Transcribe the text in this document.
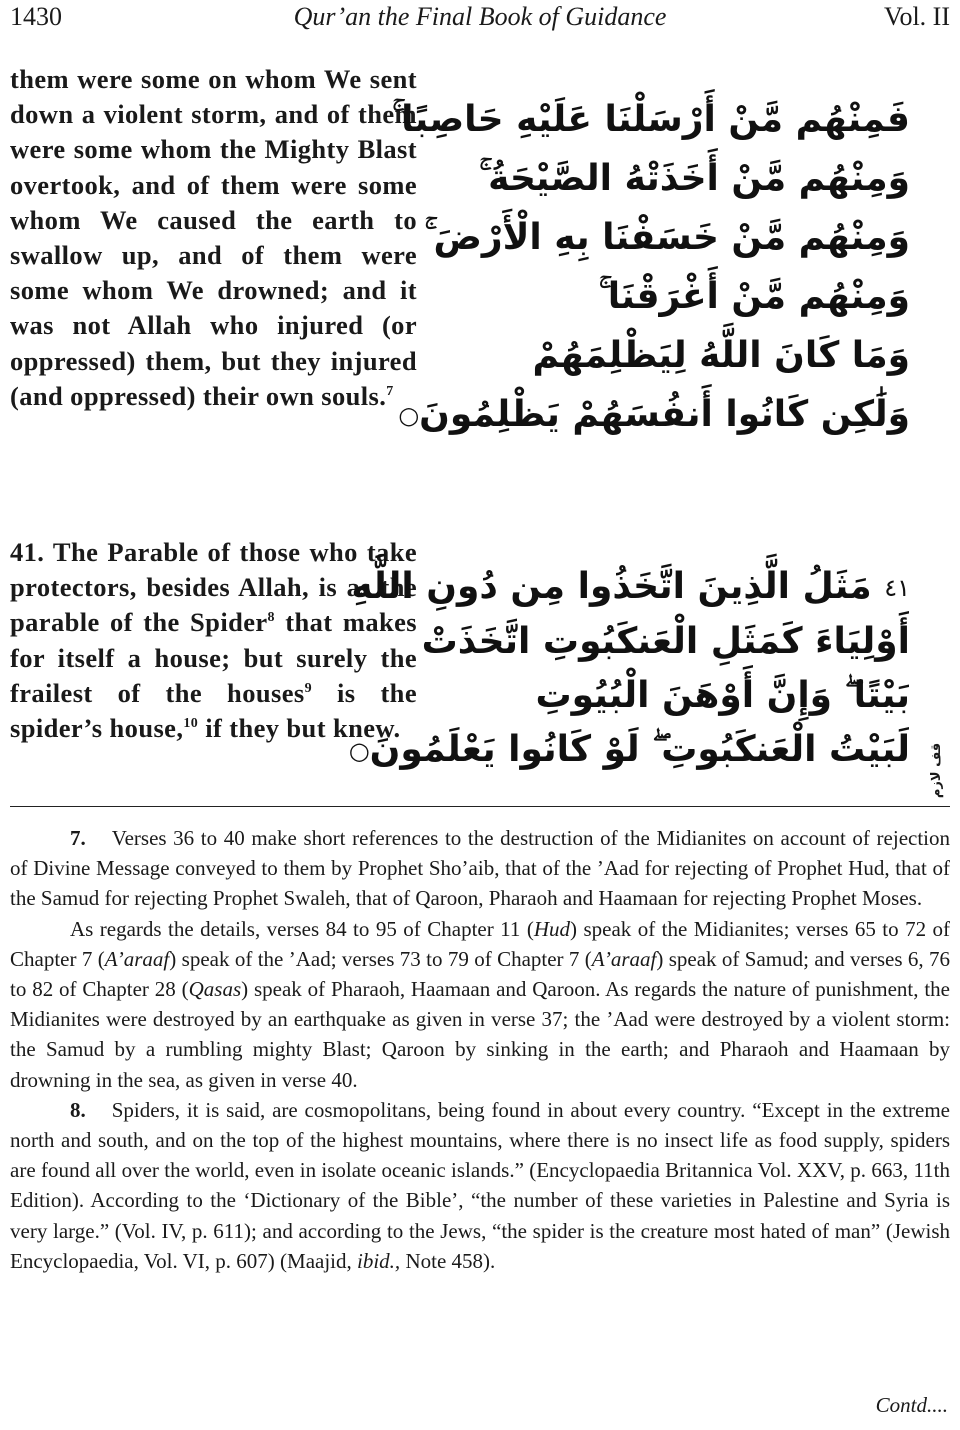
1430	Qur’an the Final Book of Guidance	Vol. II
them were some on whom We sent down a violent storm, and of them were some whom the Mighty Blast overtook, and of them were some whom We caused the earth to swallow up, and of them were some whom We drowned; and it was not Allah who injured (or oppressed) them, but they injured (and oppressed) their own souls.$^7$
فَمِنْهُم مَّنْ أَرْسَلْنَا عَلَيْهِ حَاصِبًا ۚ
وَمِنْهُم مَّنْ أَخَذَتْهُ الصَّيْحَةُ ۚ
وَمِنْهُم مَّنْ خَسَفْنَا بِهِ الْأَرْضَ ۚ
وَمِنْهُم مَّنْ أَغْرَقْنَا ۚ
وَمَا كَانَ اللَّهُ لِيَظْلِمَهُمْ
وَلَٰكِن كَانُوا أَنفُسَهُمْ يَظْلِمُونَ○
41. The Parable of those who take protectors, besides Allah, is as the parable of the Spider$^8$ that makes for itself a house; but surely the frailest of the houses$^9$ is the spider’s house,$^{10}$ if they but knew.
٤١ مَثَلُ الَّذِينَ اتَّخَذُوا مِن دُونِ اللَّهِ
أَوْلِيَاءَ كَمَثَلِ الْعَنكَبُوتِ اتَّخَذَتْ
بَيْتًا ۖ وَإِنَّ أَوْهَنَ الْبُيُوتِ
لَبَيْتُ الْعَنكَبُوتِ ۖ لَوْ كَانُوا يَعْلَمُونَ○	قف لازم

7. Verses 36 to 40 make short references to the destruction of the Midianites on account of rejection of Divine Message conveyed to them by Prophet Sho’aib, that of the ’Aad for rejecting of Prophet Hud, that of the Samud for rejecting Prophet Swaleh, that of Qaroon, Pharaoh and Haamaan for rejecting Prophet Moses.

As regards the details, verses 84 to 95 of Chapter 11 (Hud) speak of the Midianites; verses 65 to 72 of Chapter 7 (A’araaf) speak of the ’Aad; verses 73 to 79 of Chapter 7 (A’araaf) speak of Samud; and verses 6, 76 to 82 of Chapter 28 (Qasas) speak of Pharaoh, Haamaan and Qaroon. As regards the nature of punishment, the Midianites were destroyed by an earthquake as given in verse 37; the ’Aad were destroyed by a violent storm: the Samud by a rumbling mighty Blast; Qaroon by sinking in the earth; and Pharaoh and Haamaan by drowning in the sea, as given in verse 40.

8. Spiders, it is said, are cosmopolitans, being found in about every country. “Except in the extreme north and south, and on the top of the highest mountains, where there is no insect life as food supply, spiders are found all over the world, even in isolate oceanic islands.” (Encyclopaedia Britannica Vol. XXV, p. 663, 11th Edition). According to the ‘Dictionary of the Bible’, “the number of these varieties in Palestine and Syria is very large.” (Vol. IV, p. 611); and according to the Jews, “the spider is the creature most hated of man” (Jewish Encyclopaedia, Vol. VI, p. 607) (Maajid, ibid., Note 458).

Contd....
